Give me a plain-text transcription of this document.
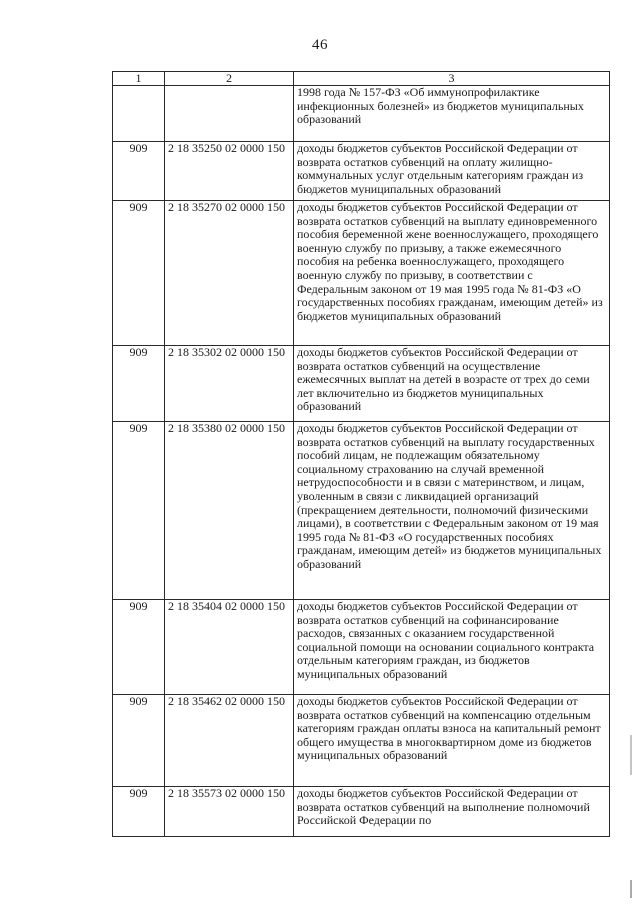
46
1	2	3
		1998 года № 157-ФЗ «Об иммунопрофилактике инфекционных болезней» из бюджетов муниципальных образований
909	2 18 35250 02 0000 150	доходы бюджетов субъектов Российской Федерации от возврата остатков субвенций на оплату жилищно-коммунальных услуг отдельным категориям граждан из бюджетов муниципальных образований
909	2 18 35270 02 0000 150	доходы бюджетов субъектов Российской Федерации от возврата остатков субвенций на выплату единовременного пособия беременной жене военнослужащего, проходящего военную службу по призыву, а также ежемесячного пособия на ребенка военнослужащего, проходящего военную службу по призыву, в соответствии с Федеральным законом от 19 мая 1995 года № 81-ФЗ «О государственных пособиях гражданам, имеющим детей» из бюджетов муниципальных образований
909	2 18 35302 02 0000 150	доходы бюджетов субъектов Российской Федерации от возврата остатков субвенций на осуществление ежемесячных выплат на детей в возрасте от трех до семи лет включительно из бюджетов муниципальных образований
909	2 18 35380 02 0000 150	доходы бюджетов субъектов Российской Федерации от возврата остатков субвенций на выплату государственных пособий лицам, не подлежащим обязательному социальному страхованию на случай временной нетрудоспособности и в связи с материнством, и лицам, уволенным в связи с ликвидацией организаций (прекращением деятельности, полномочий физическими лицами), в соответствии с Федеральным законом от 19 мая 1995 года № 81-ФЗ «О государственных пособиях гражданам, имеющим детей» из бюджетов муниципальных образований
909	2 18 35404 02 0000 150	доходы бюджетов субъектов Российской Федерации от возврата остатков субвенций на софинансирование расходов, связанных с оказанием государственной социальной помощи на основании социального контракта отдельным категориям граждан, из бюджетов муниципальных образований
909	2 18 35462 02 0000 150	доходы бюджетов субъектов Российской Федерации от возврата остатков субвенций на компенсацию отдельным категориям граждан оплаты взноса на капитальный ремонт общего имущества в многоквартирном доме из бюджетов муниципальных образований
909	2 18 35573 02 0000 150	доходы бюджетов субъектов Российской Федерации от возврата остатков субвенций на выполнение полномочий Российской Федерации по
